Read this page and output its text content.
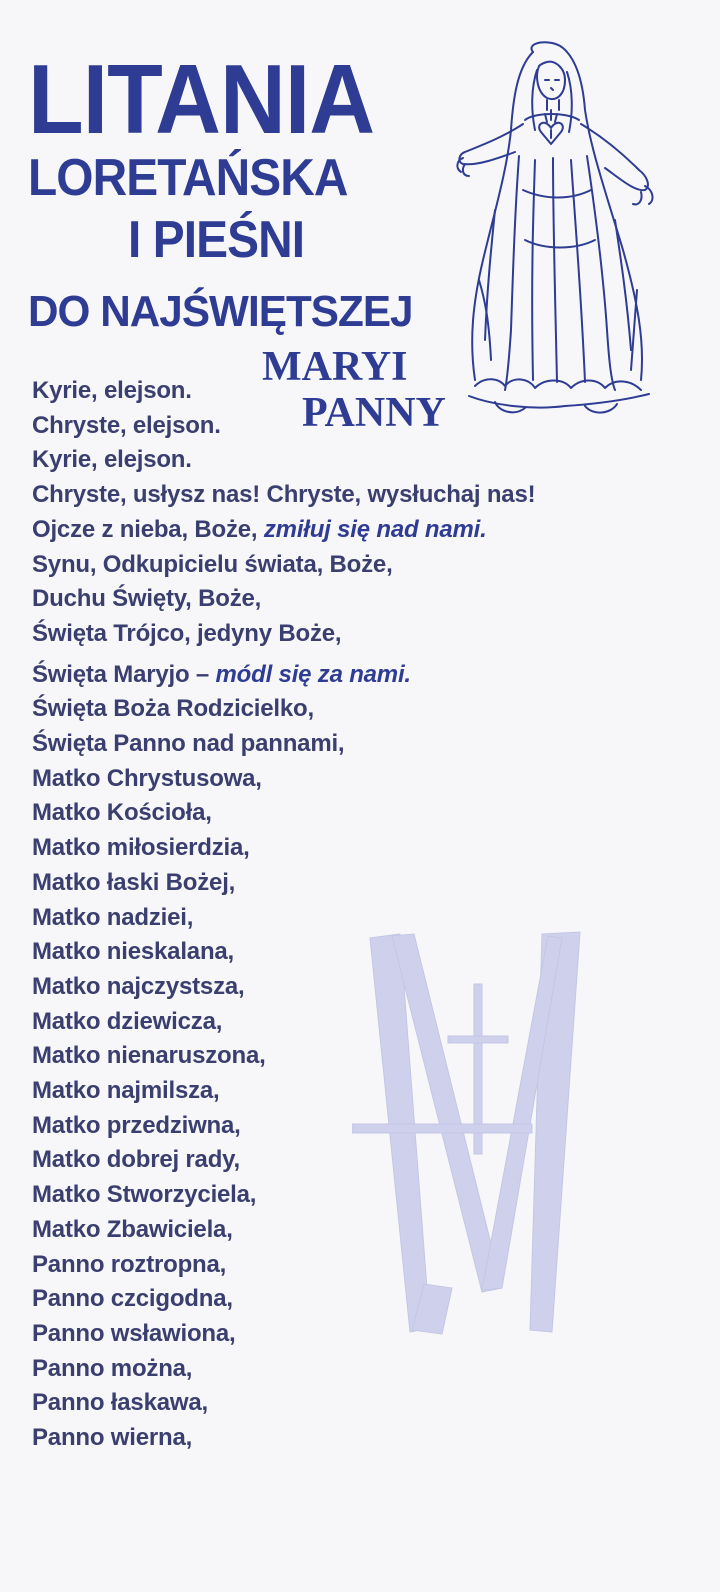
LITANIA
LORETAŃSKA
I PIEŚNI
DO NAJŚWIĘTSZEJ
MARYI
PANNY
Kyrie, elejson.
Chryste, elejson.
Kyrie, elejson.
Chryste, usłysz nas! Chryste, wysłuchaj nas!
Ojcze z nieba, Boże, zmiłuj się nad nami.
Synu, Odkupicielu świata, Boże,
Duchu Święty, Boże,
Święta Trójco, jedyny Boże,
Święta Maryjo – módl się za nami.
Święta Boża Rodzicielko,
Święta Panno nad pannami,
Matko Chrystusowa,
Matko Kościoła,
Matko miłosierdzia,
Matko łaski Bożej,
Matko nadziei,
Matko nieskalana,
Matko najczystsza,
Matko dziewicza,
Matko nienaruszona,
Matko najmilsza,
Matko przedziwna,
Matko dobrej rady,
Matko Stworzyciela,
Matko Zbawiciela,
Panno roztropna,
Panno czcigodna,
Panno wsławiona,
Panno można,
Panno łaskawa,
Panno wierna,
